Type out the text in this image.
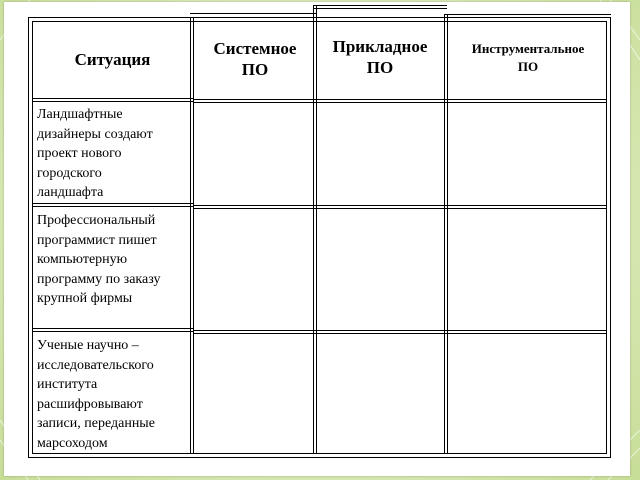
Ситуация
Системное
ПО
Прикладное
ПО
Инструментальное
ПО
Ландшафтные
дизайнеры создают
проект нового
городского
ландшафта
Профессиональный
программист пишет
компьютерную
программу по заказу
крупной фирмы
Ученые научно –
исследовательского
института
расшифровывают
записи, переданные
марсоходом
